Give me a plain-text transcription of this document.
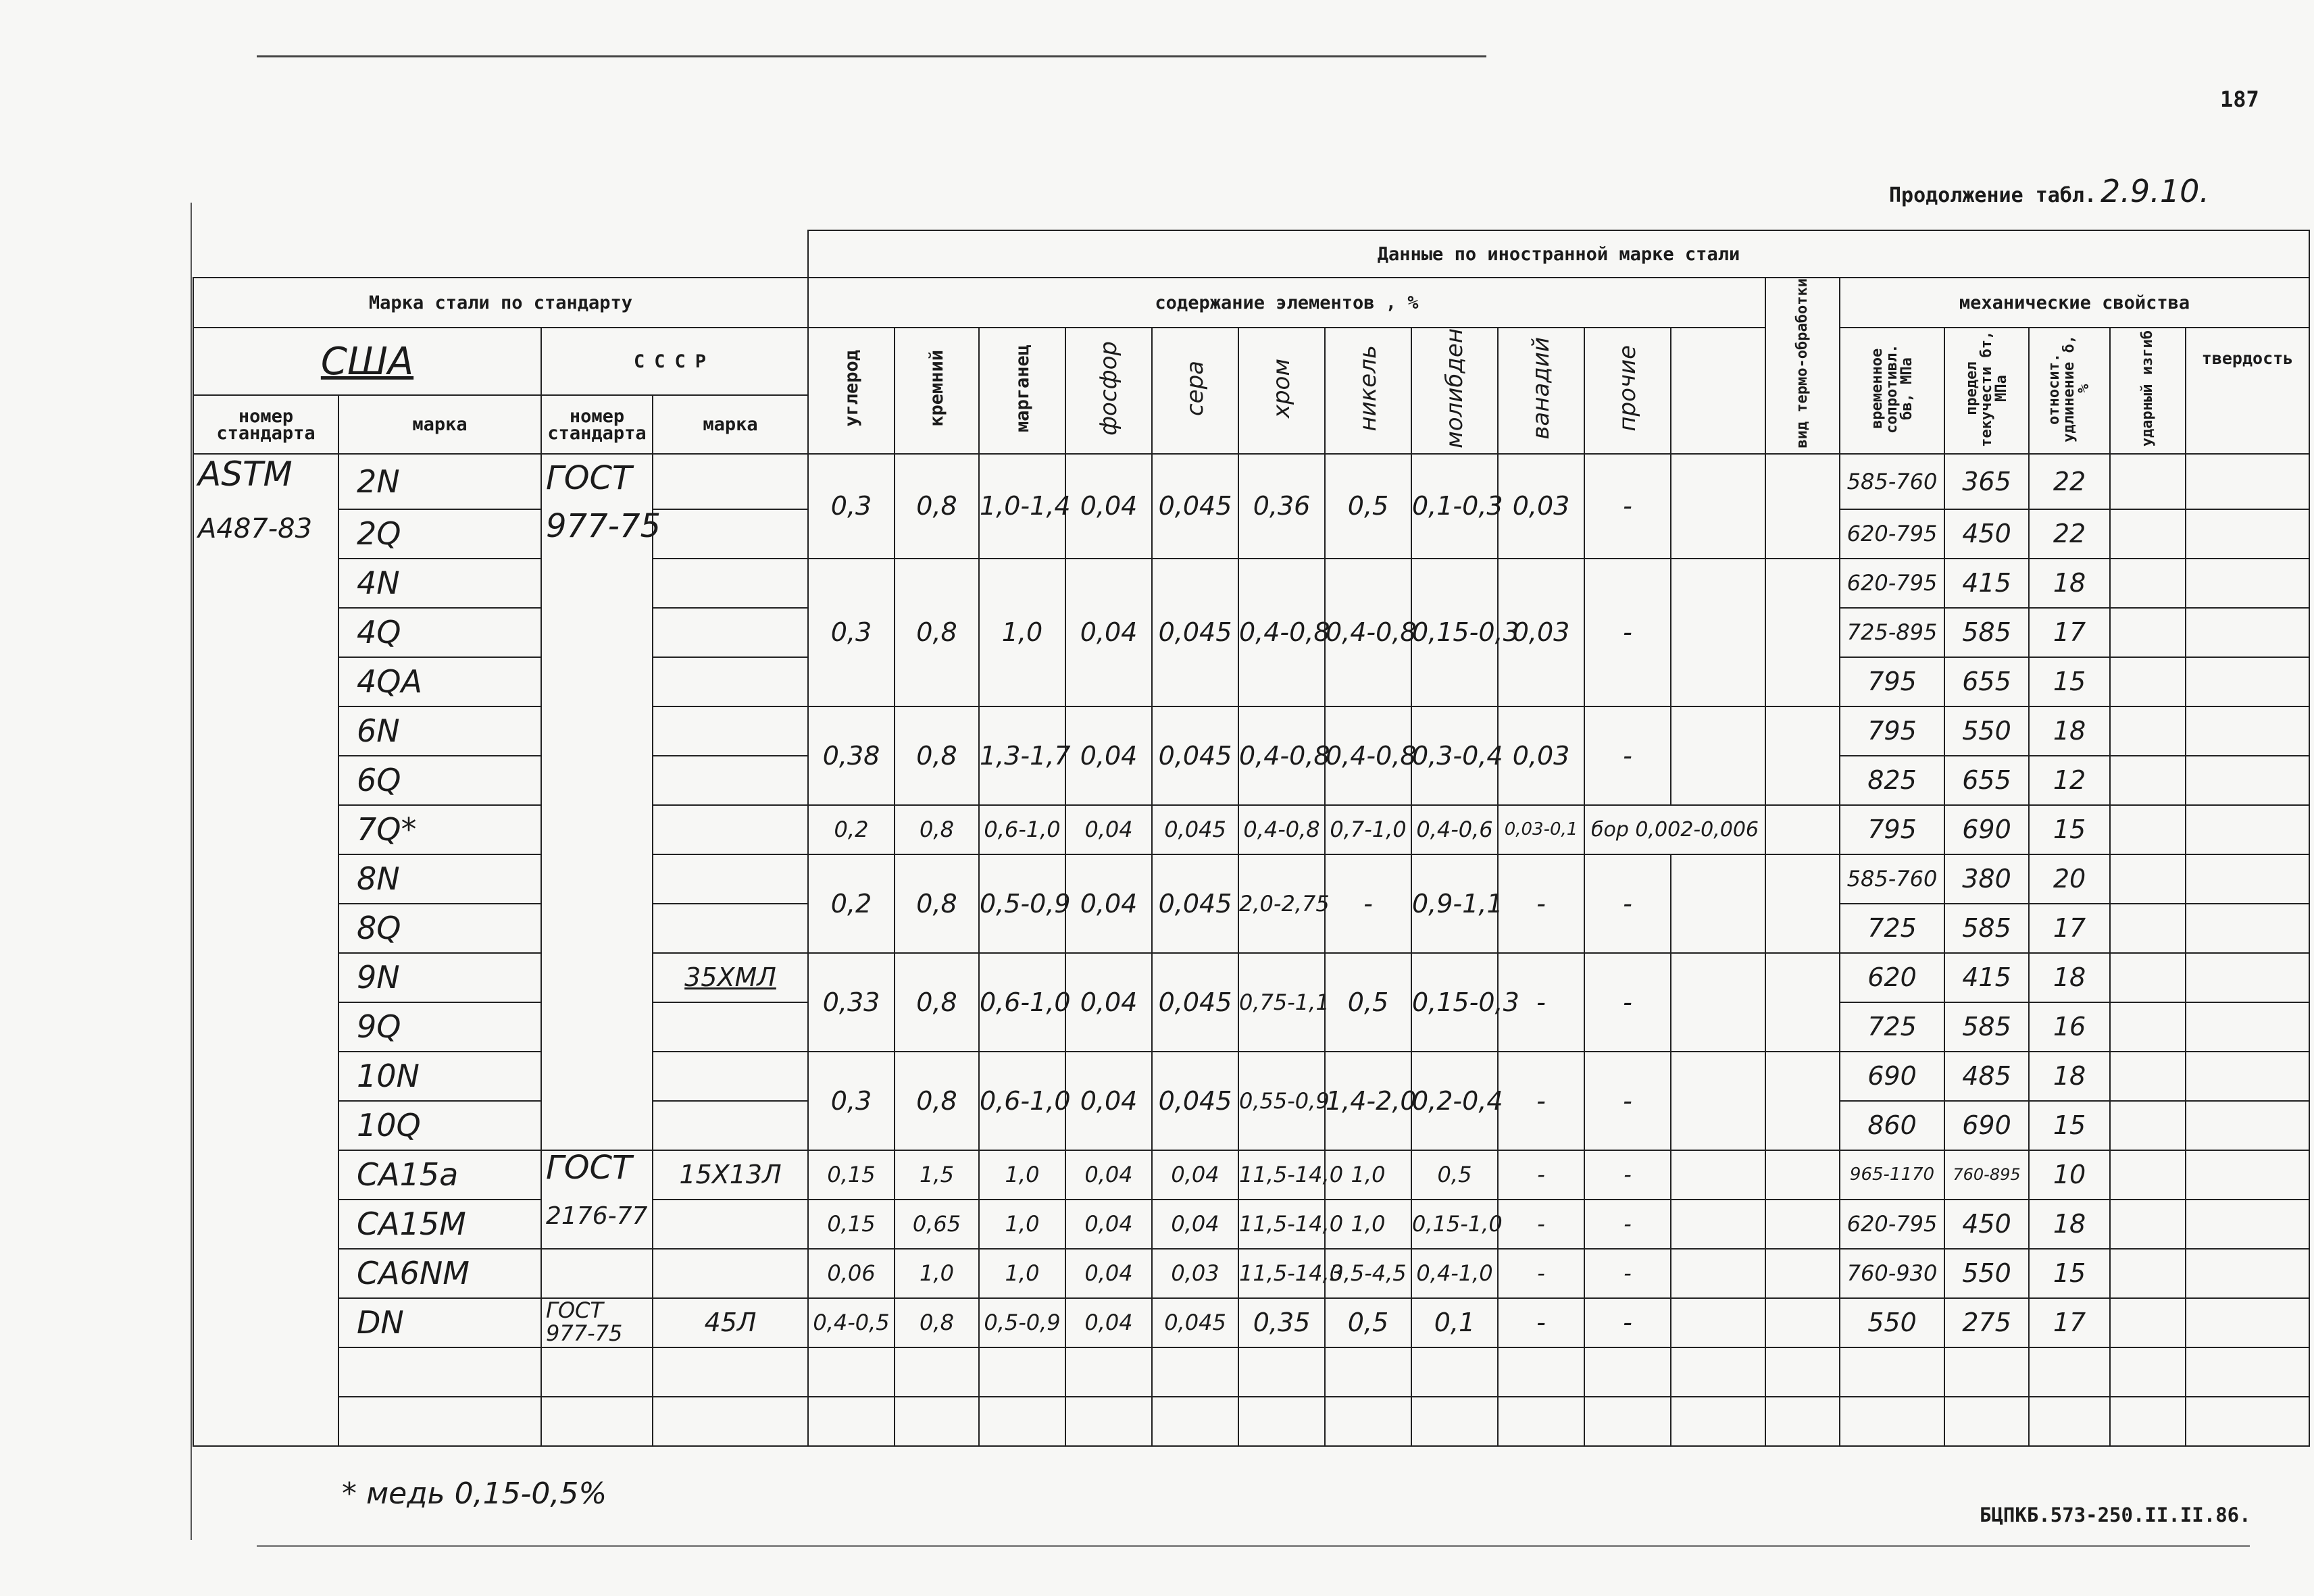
187
Продолжение табл. 2.9.10.
				Данные по иностранной марке стали																
Марка стали по стандарту				содержание элементов , %											вид термо-обработки	механические свойства				
США		СССР		углерод	кремний	марганец	фосфор	сера	хром	никель	молибден	ванадий	прочие			временное сопротивл. бв, МПа	предел текучести бт, МПа	относит. удлинение δ, %	ударный изгиб	твердость
номер стандарта	марка	номер стандарта	марка																	
ASTM	2N	ГОСТ		0,3	0,8	1,0-1,4	0,04	0,045	0,36	0,5	0,1-0,3	0,03	-			585-760	365	22		
A487-83	2Q	977-75														620-795	450	22		
	4N			0,3	0,8	1,0	0,04	0,045	0,4-0,8	0,4-0,8	0,15-0,3	0,03	-			620-795	415	18		
	4Q															725-895	585	17		
	4QA															795	655	15		
	6N			0,38	0,8	1,3-1,7	0,04	0,045	0,4-0,8	0,4-0,8	0,3-0,4	0,03	-			795	550	18		
	6Q															825	655	12		
	7Q*			0,2	0,8	0,6-1,0	0,04	0,045	0,4-0,8	0,7-1,0	0,4-0,6	0,03-0,1	бор 0,002-0,006			795	690	15		
	8N			0,2	0,8	0,5-0,9	0,04	0,045	2,0-2,75	-	0,9-1,1	-	-			585-760	380	20		
	8Q															725	585	17		
	9N		35ХМЛ	0,33	0,8	0,6-1,0	0,04	0,045	0,75-1,1	0,5	0,15-0,3	-	-			620	415	18		
	9Q															725	585	16		
	10N			0,3	0,8	0,6-1,0	0,04	0,045	0,55-0,9	1,4-2,0	0,2-0,4	-	-			690	485	18		
	10Q															860	690	15		
	CA15a	ГОСТ	15Х13Л	0,15	1,5	1,0	0,04	0,04	11,5-14,0	1,0	0,5	-	-			965-1170	760-895	10		
	CA15M	2176-77		0,15	0,65	1,0	0,04	0,04	11,5-14,0	1,0	0,15-1,0	-	-			620-795	450	18		
	CA6NM			0,06	1,0	1,0	0,04	0,03	11,5-14,0	3,5-4,5	0,4-1,0	-	-			760-930	550	15		
	DN	ГОСТ 977-75	45Л	0,4-0,5	0,8	0,5-0,9	0,04	0,045	0,35	0,5	0,1	-	-			550	275	17		

* медь 0,15-0,5%
БЦПКБ.573-250.II.II.86.
